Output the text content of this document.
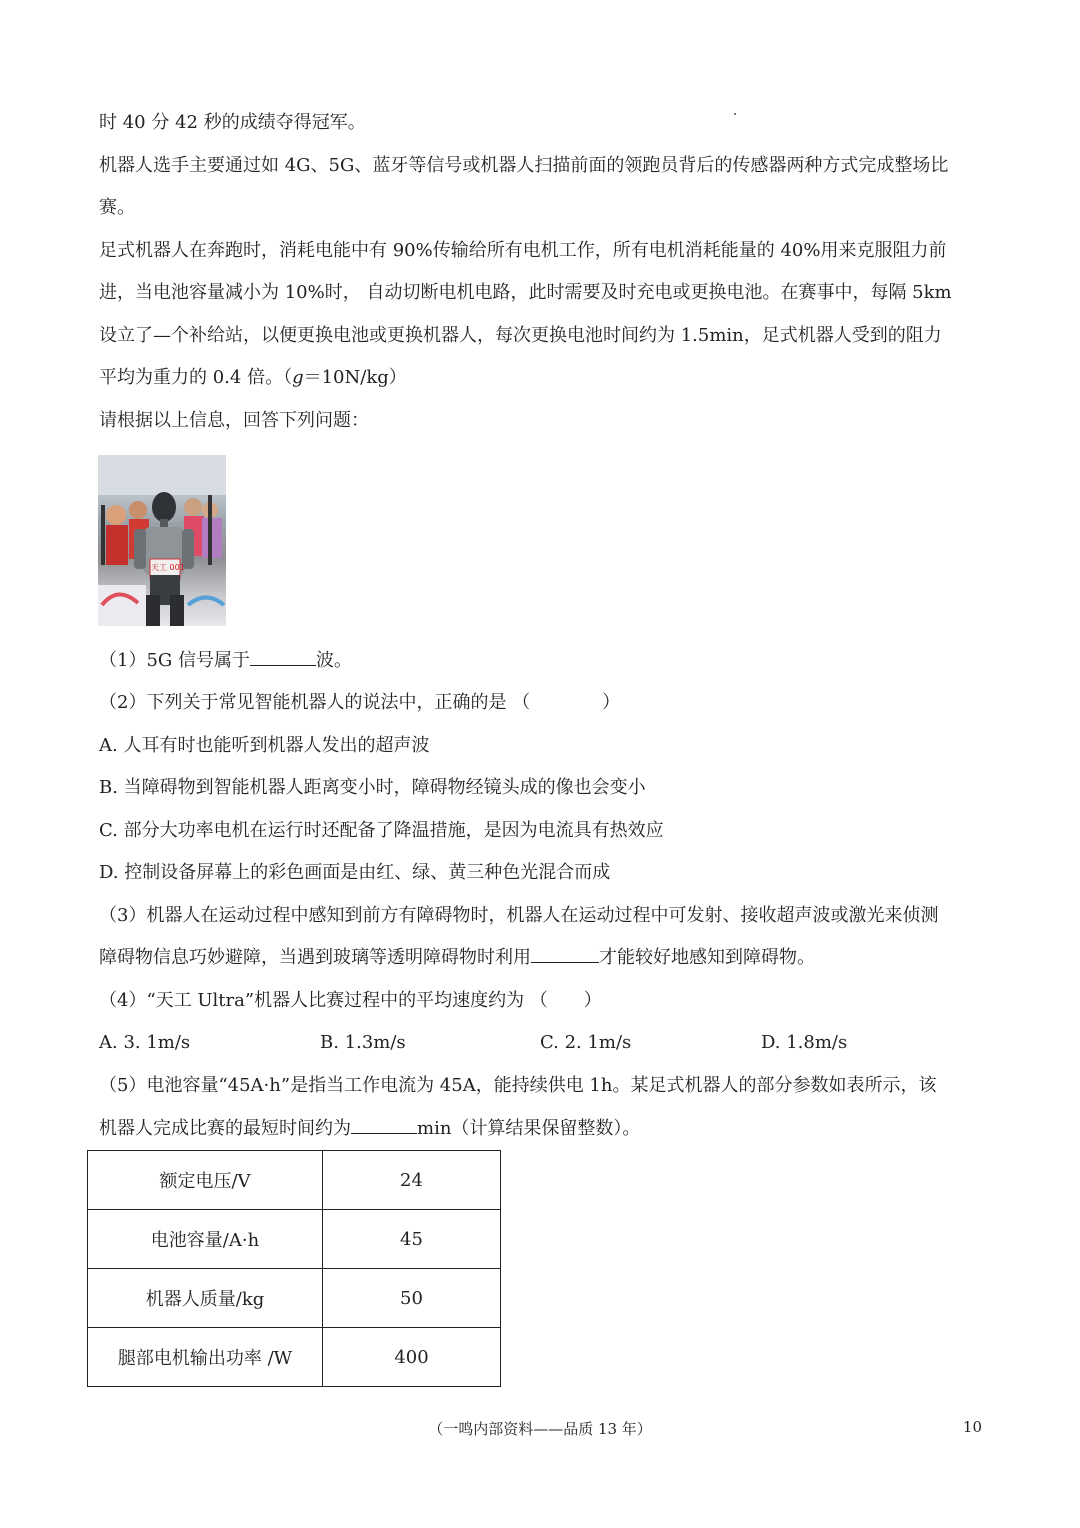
时 40 分 42 秒的成绩夺得冠军。
机器人选手主要通过如 4G、5G、蓝牙等信号或机器人扫描前面的领跑员背后的传感器两种方式完成整场比
赛。
足式机器人在奔跑时，消耗电能中有 90%传输给所有电机工作，所有电机消耗能量的 40%用来克服阻力前
进，当电池容量减小为 10%时， 自动切断电机电路，此时需要及时充电或更换电池。在赛事中，每隔 5km
设立了—个补给站，以便更换电池或更换机器人，每次更换电池时间约为 1.5min，足式机器人受到的阻力
平均为重力的 0.4 倍。（g＝10N/kg）
请根据以上信息，回答下列问题：
天工 001
（1）5G 信号属于	波。
（2）下列关于常见智能机器人的说法中，正确的是 （　　　　）
A. 人耳有时也能听到机器人发出的超声波
B. 当障碍物到智能机器人距离变小时，障碍物经镜头成的像也会变小
C. 部分大功率电机在运行时还配备了降温措施，是因为电流具有热效应
D. 控制设备屏幕上的彩色画面是由红、绿、黄三种色光混合而成
（3）机器人在运动过程中感知到前方有障碍物时，机器人在运动过程中可发射、接收超声波或激光来侦测
障碍物信息巧妙避障，当遇到玻璃等透明障碍物时利用	才能较好地感知到障碍物。
（4）“天工 Ultra”机器人比赛过程中的平均速度约为 （　　）
A. 3. 1m/s	B. 1.3m/s	C. 2. 1m/s	D. 1.8m/s
（5）电池容量“45A·h”是指当工作电流为 45A，能持续供电 1h。某足式机器人的部分参数如表所示，该
机器人完成比赛的最短时间约为	min（计算结果保留整数）。
额定电压/V	24
电池容量/A·h	45
机器人质量/kg	50
腿部电机输出功率 /W	400
（一鸣内部资料——品质 13 年）	10
